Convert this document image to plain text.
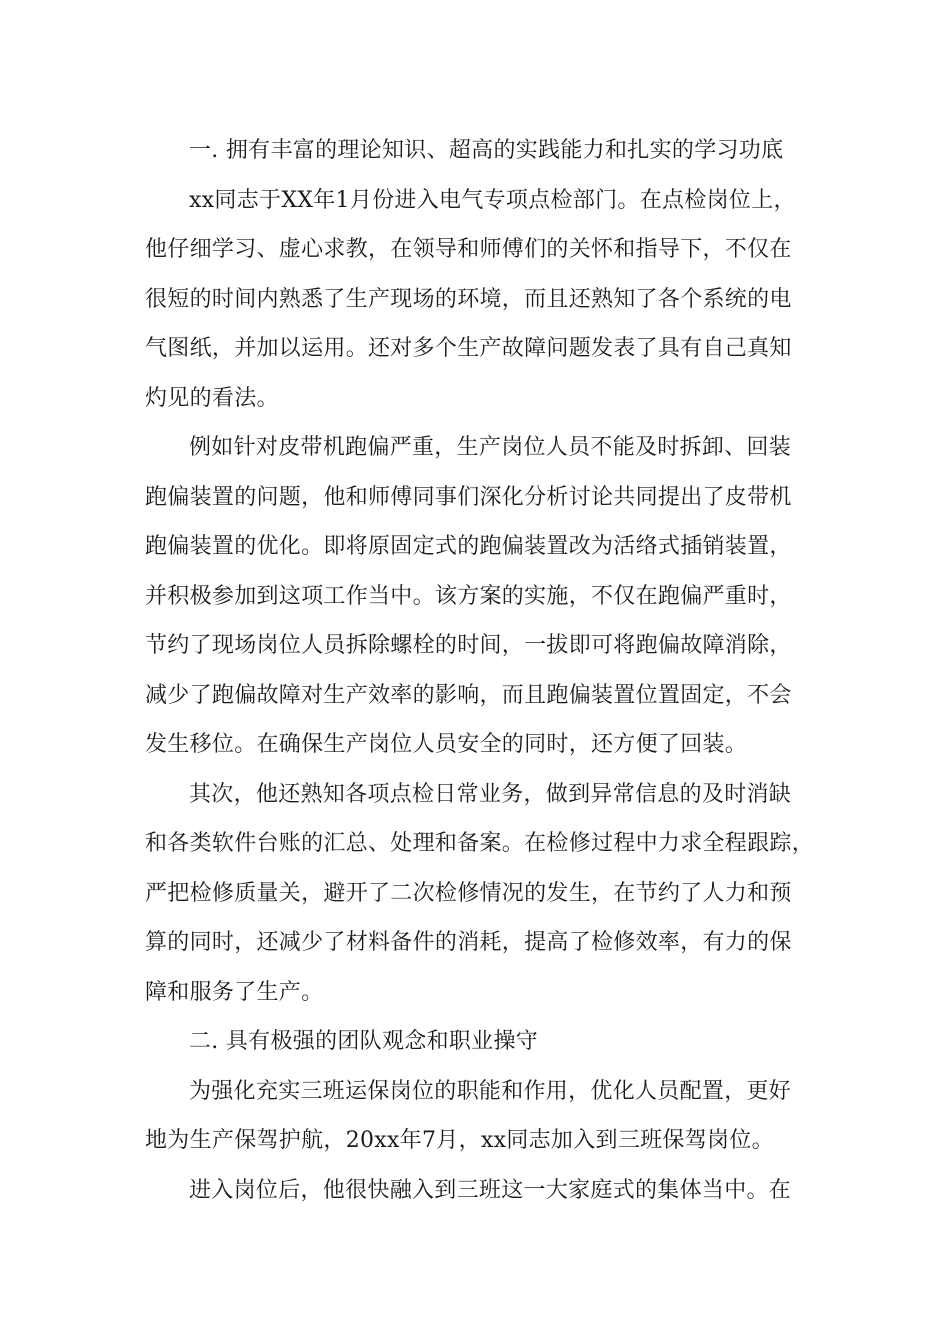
一. 拥有丰富的理论知识、超高的实践能力和扎实的学习功底
xx同志于XX年1月份进入电气专项点检部门。在点检岗位上，
他仔细学习、虚心求教，在领导和师傅们的关怀和指导下，不仅在
很短的时间内熟悉了生产现场的环境，而且还熟知了各个系统的电
气图纸，并加以运用。还对多个生产故障问题发表了具有自己真知
灼见的看法。
例如针对皮带机跑偏严重，生产岗位人员不能及时拆卸、回装
跑偏装置的问题，他和师傅同事们深化分析讨论共同提出了皮带机
跑偏装置的优化。即将原固定式的跑偏装置改为活络式插销装置，
并积极参加到这项工作当中。该方案的实施，不仅在跑偏严重时，
节约了现场岗位人员拆除螺栓的时间，一拔即可将跑偏故障消除，
减少了跑偏故障对生产效率的影响，而且跑偏装置位置固定，不会
发生移位。在确保生产岗位人员安全的同时，还方便了回装。
其次，他还熟知各项点检日常业务，做到异常信息的及时消缺
和各类软件台账的汇总、处理和备案。在检修过程中力求全程跟踪，
严把检修质量关，避开了二次检修情况的发生，在节约了人力和预
算的同时，还减少了材料备件的消耗，提高了检修效率，有力的保
障和服务了生产。
二. 具有极强的团队观念和职业操守
为强化充实三班运保岗位的职能和作用，优化人员配置，更好
地为生产保驾护航，20xx年7月，xx同志加入到三班保驾岗位。
进入岗位后，他很快融入到三班这一大家庭式的集体当中。在
